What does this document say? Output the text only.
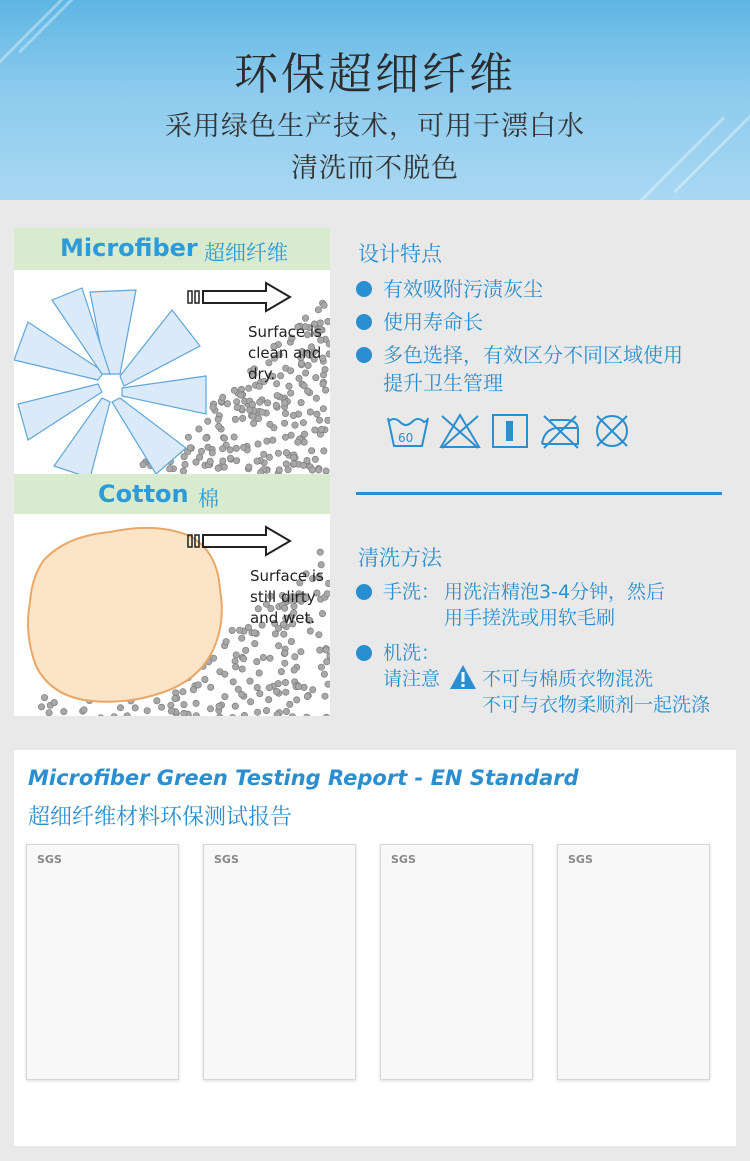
环保超细纤维
采用绿色生产技术，可用于漂白水
清洗而不脱色
Microfiber 超细纤维
Surface is
clean and
dry.
Cotton 棉
Surface is
still dirty
and wet.
设计特点
有效吸附污渍灰尘
使用寿命长
多色选择，有效区分不同区域使用
提升卫生管理
60
清洗方法
手洗： 用洗洁精泡3-4分钟，然后
用手搓洗或用软毛刷
机洗：
请注意 不可与棉质衣物混洗
不可与衣物柔顺剂一起洗涤
Microfiber Green Testing Report - EN Standard
超细纤维材料环保测试报告
SGS	SGS	SGS	SGS
